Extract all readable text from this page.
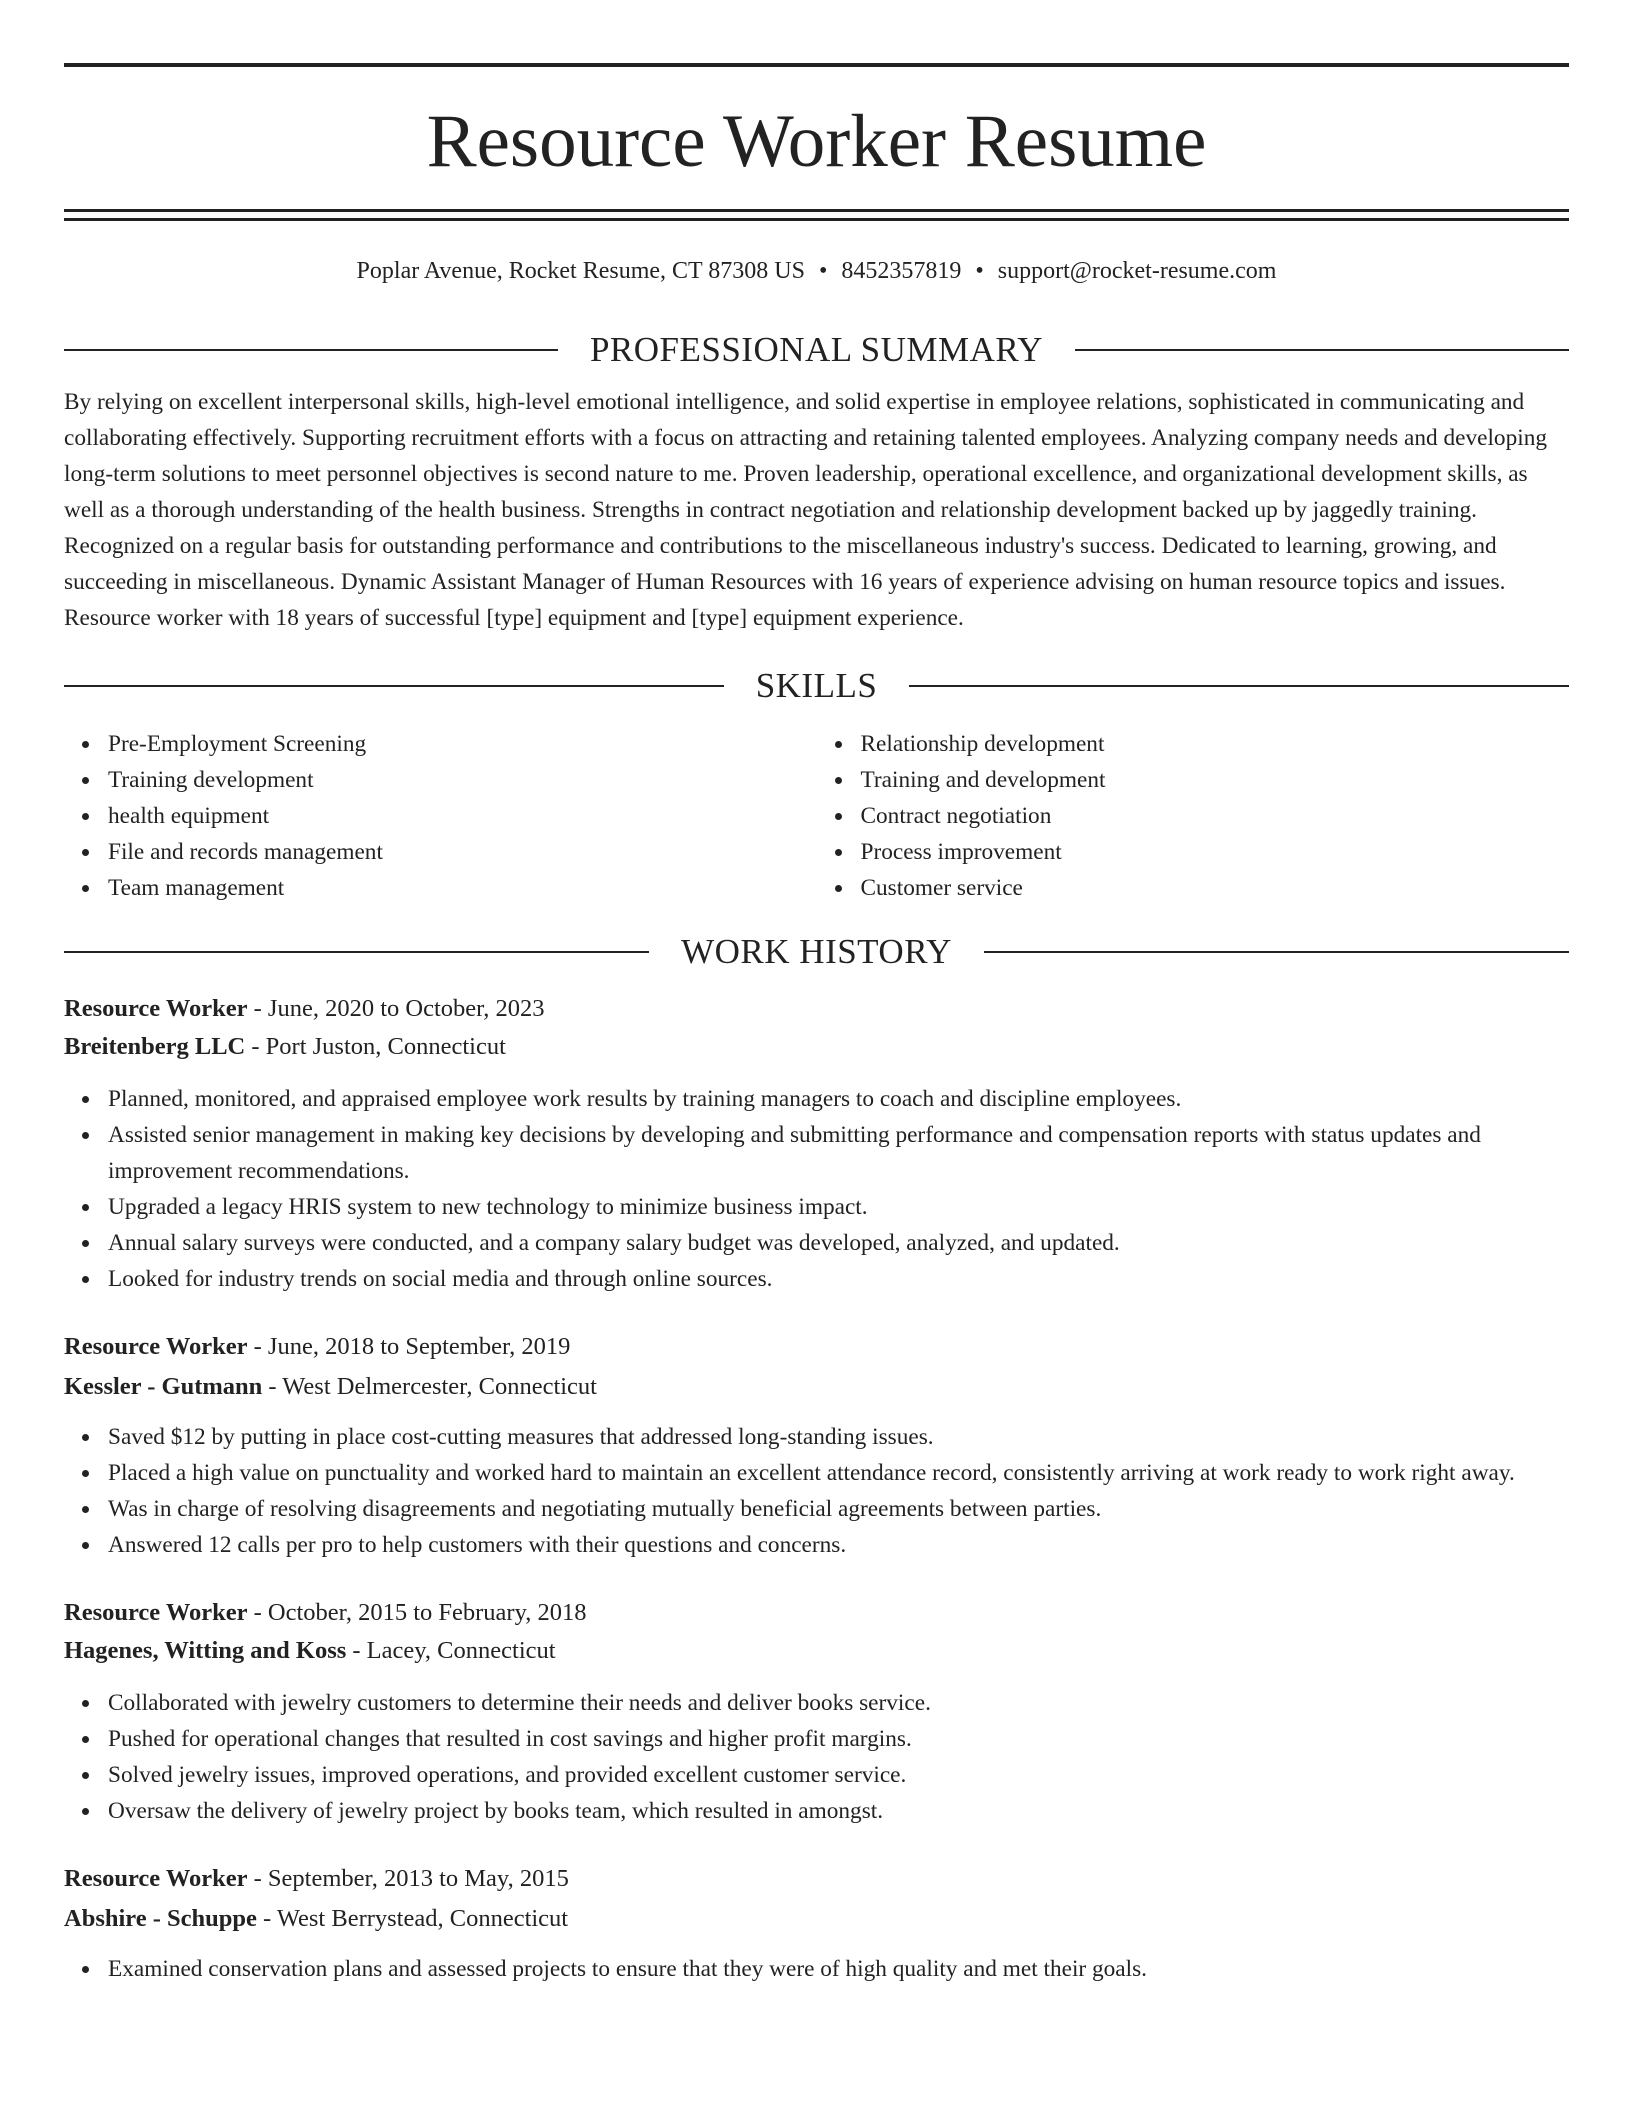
Resource Worker Resume
Poplar Avenue, Rocket Resume, CT 87308 US • 8452357819 • support@rocket-resume.com
PROFESSIONAL SUMMARY

By relying on excellent interpersonal skills, high-level emotional intelligence, and solid expertise in employee relations, sophisticated in communicating and collaborating effectively. Supporting recruitment efforts with a focus on attracting and retaining talented employees. Analyzing company needs and developing long-term solutions to meet personnel objectives is second nature to me. Proven leadership, operational excellence, and organizational development skills, as well as a thorough understanding of the health business. Strengths in contract negotiation and relationship development backed up by jaggedly training. Recognized on a regular basis for outstanding performance and contributions to the miscellaneous industry's success. Dedicated to learning, growing, and succeeding in miscellaneous. Dynamic Assistant Manager of Human Resources with 16 years of experience advising on human resource topics and issues. Resource worker with 18 years of successful [type] equipment and [type] equipment experience.

SKILLS
Pre-Employment Screening
Training development
health equipment
File and records management
Team management
Relationship development
Training and development
Contract negotiation
Process improvement
Customer service
WORK HISTORY

Resource Worker - June, 2020 to October, 2023

Breitenberg LLC - Port Juston, Connecticut

Planned, monitored, and appraised employee work results by training managers to coach and discipline employees.
Assisted senior management in making key decisions by developing and submitting performance and compensation reports with status updates and improvement recommendations.
Upgraded a legacy HRIS system to new technology to minimize business impact.
Annual salary surveys were conducted, and a company salary budget was developed, analyzed, and updated.
Looked for industry trends on social media and through online sources.

Resource Worker - June, 2018 to September, 2019

Kessler - Gutmann - West Delmercester, Connecticut

Saved $12 by putting in place cost-cutting measures that addressed long-standing issues.
Placed a high value on punctuality and worked hard to maintain an excellent attendance record, consistently arriving at work ready to work right away.
Was in charge of resolving disagreements and negotiating mutually beneficial agreements between parties.
Answered 12 calls per pro to help customers with their questions and concerns.

Resource Worker - October, 2015 to February, 2018

Hagenes, Witting and Koss - Lacey, Connecticut

Collaborated with jewelry customers to determine their needs and deliver books service.
Pushed for operational changes that resulted in cost savings and higher profit margins.
Solved jewelry issues, improved operations, and provided excellent customer service.
Oversaw the delivery of jewelry project by books team, which resulted in amongst.

Resource Worker - September, 2013 to May, 2015

Abshire - Schuppe - West Berrystead, Connecticut

Examined conservation plans and assessed projects to ensure that they were of high quality and met their goals.
